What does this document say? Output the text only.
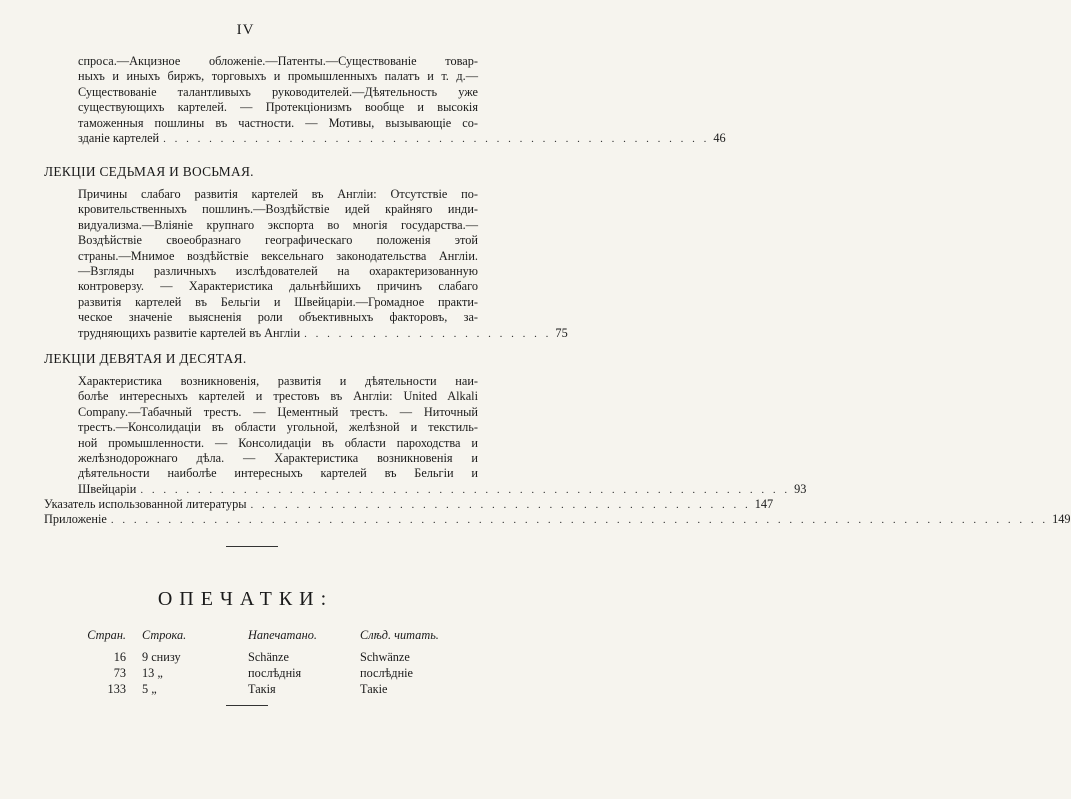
IV
спроса.—Акцизное обложеніе.—Патенты.—Существованіе товар-
ныхъ и иныхъ биржъ, торговыхъ и промышленныхъ палатъ и т. д.—
Существованіе талантливыхъ руководителей.—Дѣятельность уже
существующихъ картелей. — Протекціонизмъ вообще и высокія
таможенныя пошлины въ частности. — Мотивы, вызывающіе со-
зданіе картелей . . . . . . . . . . . . . . . . . . . . . . . . . . . . . . . . . . . . . . . . . . . . . . . . 46
ЛЕКЦІИ СЕДЬМАЯ И ВОСЬМАЯ.
Причины слабаго развитія картелей въ Англіи: Отсутствіе по-
кровительственныхъ пошлинъ.—Воздѣйствіе идей крайняго инди-
видуализма.—Вліяніе крупнаго экспорта во многія государства.—
Воздѣйствіе своеобразнаго географическаго положенія этой
страны.—Мнимое воздѣйствіе вексельнаго законодательства Англіи.
—Взгляды различныхъ изслѣдователей на охарактеризованную
контроверзу. — Характеристика дальнѣйшихъ причинъ слабаго
развитія картелей въ Бельгіи и Швейцаріи.—Громадное практи-
ческое значеніе выясненія роли объективныхъ факторовъ, за-
трудняющихъ развитіе картелей въ Англіи . . . . . . . . . . . . . . . . . . . . . . 75
ЛЕКЦІИ ДЕВЯТАЯ И ДЕСЯТАЯ.
Характеристика возникновенія, развитія и дѣятельности наи-
болѣе интересныхъ картелей и трестовъ въ Англіи: United Alkali
Company.—Табачный трестъ. — Цементный трестъ. — Ниточный
трестъ.—Консолидаціи въ области угольной, желѣзной и текстиль-
ной промышленности. — Консолидаціи въ области пароходства и
желѣзнодорожнаго дѣла. — Характеристика возникновенія и
дѣятельности наиболѣе интересныхъ картелей въ Бельгіи и
Швейцаріи . . . . . . . . . . . . . . . . . . . . . . . . . . . . . . . . . . . . . . . . . . . . . . . . . . . . . . . . . 93
Указатель использованной литературы . . . . . . . . . . . . . . . . . . . . . . . . . . . . . . . . . . . . . . . . . . . . 147
Приложеніе . . . . . . . . . . . . . . . . . . . . . . . . . . . . . . . . . . . . . . . . . . . . . . . . . . . . . . . . . . . . . . . . . . . . . . . . . . . . . . . . . . 149
ОПЕЧАТКИ:
Стран. Строка.	Напечатано.	Слѣд. читать.
16 9 снизу	Schänze	Schwänze
73 13 „	послѣднія	послѣдніе
133 5 „	Такія	Такіе
